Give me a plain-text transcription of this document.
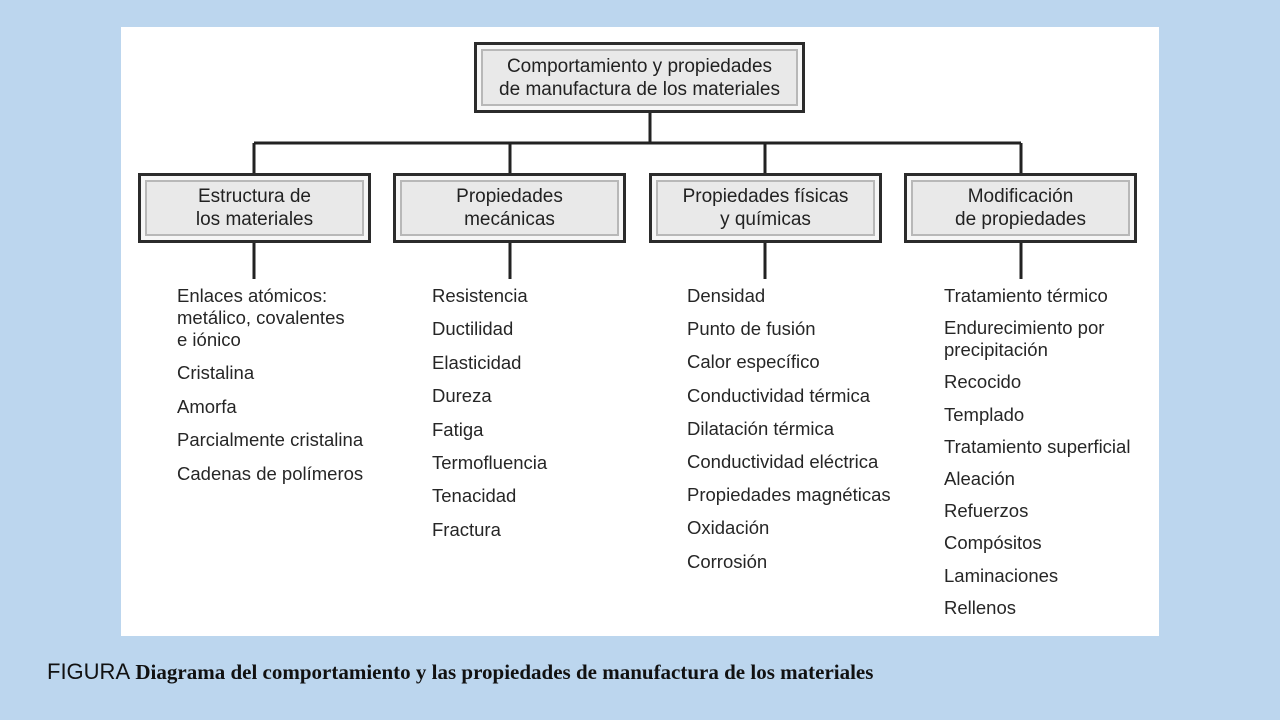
Comportamiento y propiedades
de manufactura de los materiales
Estructura de
los materiales
Propiedades
mecánicas
Propiedades físicas
y químicas
Modificación
de propiedades
Enlaces atómicos:
metálico, covalentes
e iónico
Cristalina
Amorfa
Parcialmente cristalina
Cadenas de polímeros
Resistencia
Ductilidad
Elasticidad
Dureza
Fatiga
Termofluencia
Tenacidad
Fractura
Densidad
Punto de fusión
Calor específico
Conductividad térmica
Dilatación térmica
Conductividad eléctrica
Propiedades magnéticas
Oxidación
Corrosión
Tratamiento térmico
Endurecimiento por
precipitación
Recocido
Templado
Tratamiento superficial
Aleación
Refuerzos
Compósitos
Laminaciones
Rellenos
FIGURA Diagrama del comportamiento y las propiedades de manufactura de los materiales
